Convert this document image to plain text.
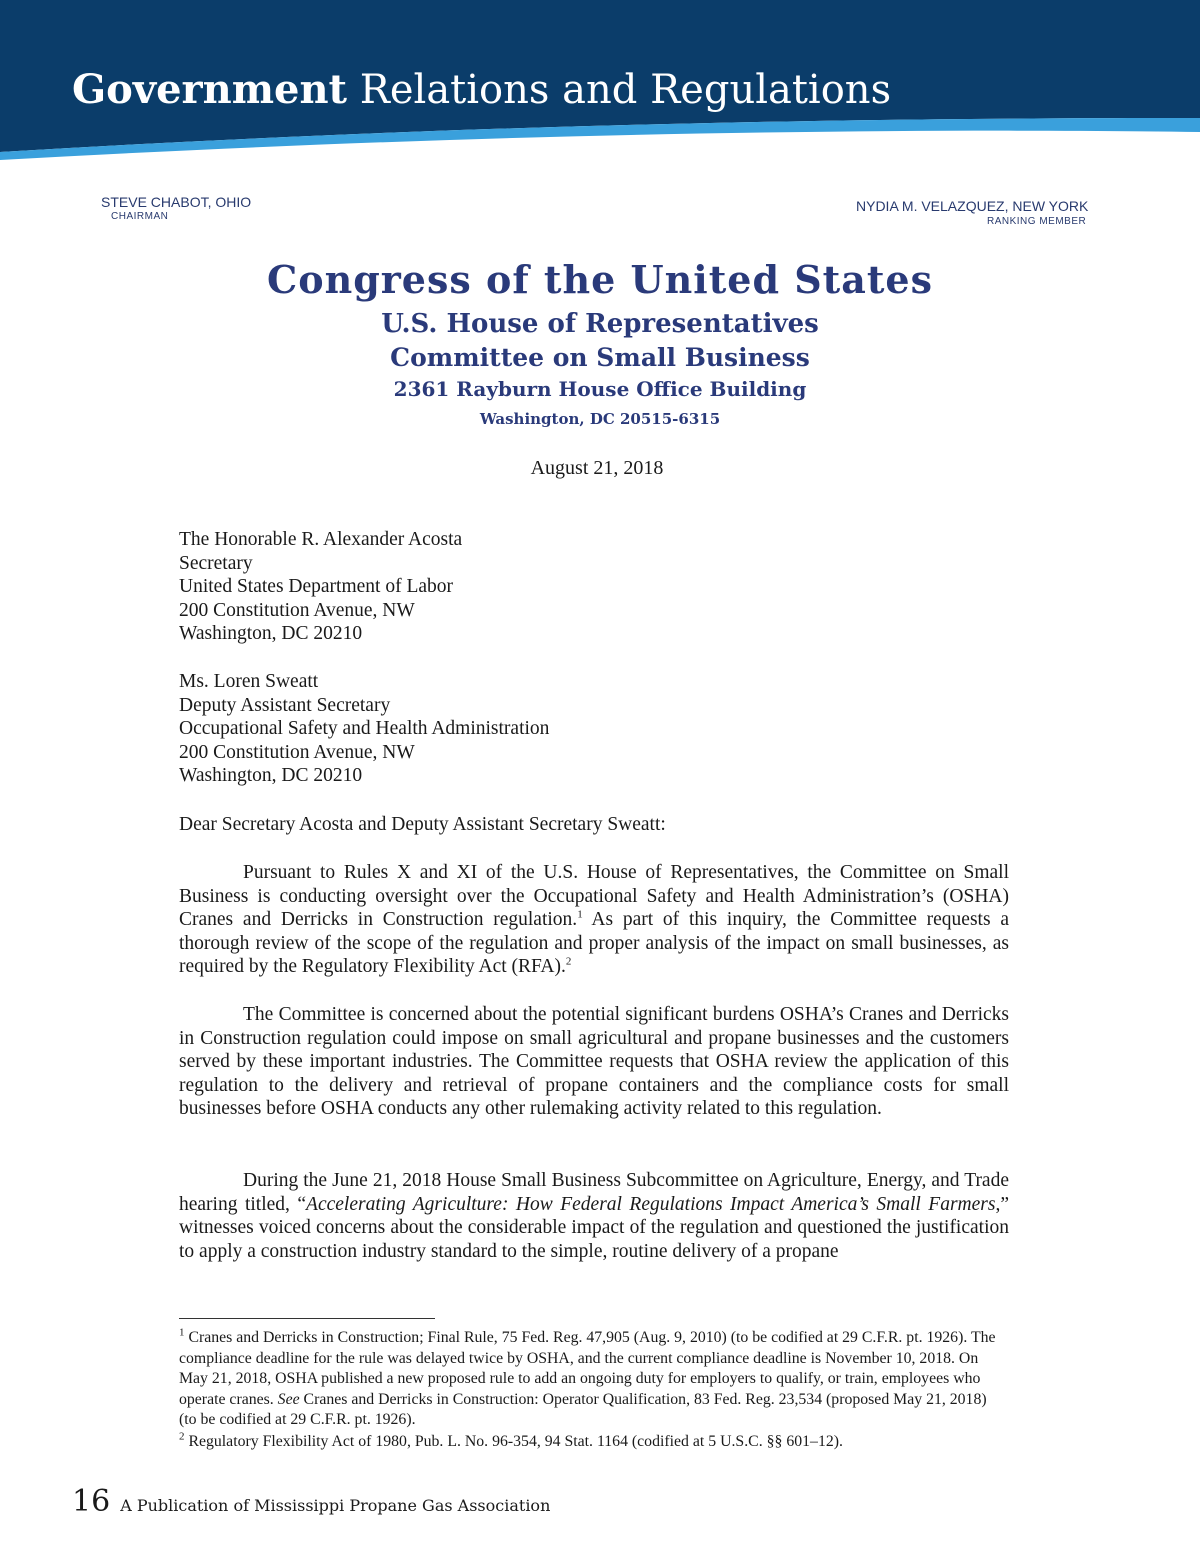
Government Relations and Regulations
STEVE CHABOT, OHIO
CHAIRMAN
NYDIA M. VELAZQUEZ, NEW YORK
RANKING MEMBER
Congress of the United States
U.S. House of Representatives
Committee on Small Business
2361 Rayburn House Office Building
Washington, DC 20515-6315
August 21, 2018
The Honorable R. Alexander Acosta
Secretary
United States Department of Labor
200 Constitution Avenue, NW
Washington, DC 20210
Ms. Loren Sweatt
Deputy Assistant Secretary
Occupational Safety and Health Administration
200 Constitution Avenue, NW
Washington, DC 20210
Dear Secretary Acosta and Deputy Assistant Secretary Sweatt:

Pursuant to Rules X and XI of the U.S. House of Representatives, the Committee on Small Business is conducting oversight over the Occupational Safety and Health Administration’s (OSHA) Cranes and Derricks in Construction regulation.$^1$ As part of this inquiry, the Committee requests a thorough review of the scope of the regulation and proper analysis of the impact on small businesses, as required by the Regulatory Flexibility Act (RFA).$^2$

The Committee is concerned about the potential significant burdens OSHA’s Cranes and Derricks in Construction regulation could impose on small agricultural and propane businesses and the customers served by these important industries. The Committee requests that OSHA review the application of this regulation to the delivery and retrieval of propane containers and the compliance costs for small businesses before OSHA conducts any other rulemaking activity related to this regulation.

During the June 21, 2018 House Small Business Subcommittee on Agriculture, Energy, and Trade hearing titled, “Accelerating Agriculture: How Federal Regulations Impact America’s Small Farmers,” witnesses voiced concerns about the considerable impact of the regulation and questioned the justification to apply a construction industry standard to the simple, routine delivery of a propane

$^1$ Cranes and Derricks in Construction; Final Rule, 75 Fed. Reg. 47,905 (Aug. 9, 2010) (to be codified at 29 C.F.R. pt. 1926). The compliance deadline for the rule was delayed twice by OSHA, and the current compliance deadline is November 10, 2018. On May 21, 2018, OSHA published a new proposed rule to add an ongoing duty for employers to qualify, or train, employees who operate cranes. See Cranes and Derricks in Construction: Operator Qualification, 83 Fed. Reg. 23,534 (proposed May 21, 2018) (to be codified at 29 C.F.R. pt. 1926).
$^2$ Regulatory Flexibility Act of 1980, Pub. L. No. 96-354, 94 Stat. 1164 (codified at 5 U.S.C. §§ 601–12).
16 A Publication of Mississippi Propane Gas Association
